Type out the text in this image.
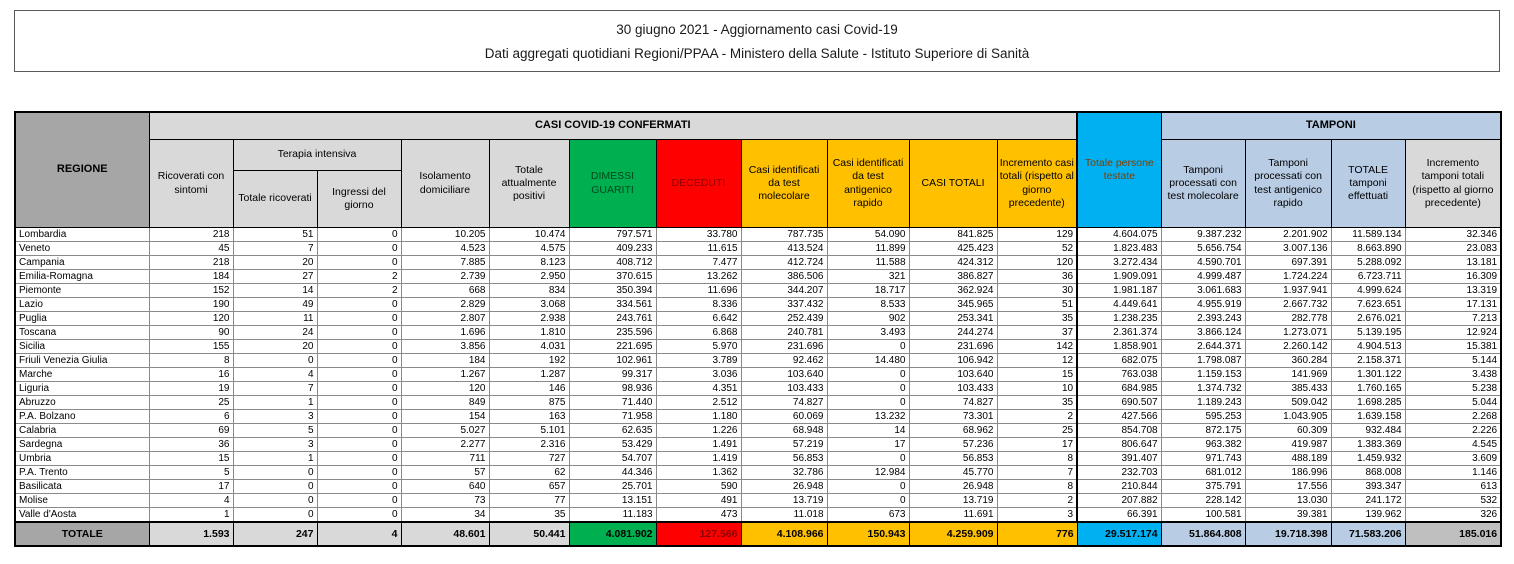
30 giugno 2021 - Aggiornamento casi Covid-19
Dati aggregati quotidiani Regioni/PPAA - Ministero della Salute - Istituto Superiore di Sanità
REGIONE	CASI COVID-19 CONFERMATI											Totale persone testate	TAMPONI			
	Ricoverati con sintomi	Terapia intensiva		Isolamento domiciliare	Totale attualmente positivi	DIMESSI GUARITI	DECEDUTI	Casi identificati da test molecolare	Casi identificati da test antigenico rapido	CASI TOTALI	Incremento casi totali (rispetto al giorno precedente)		Tamponi processati con test molecolare	Tamponi processati con test antigenico rapido	TOTALE tamponi effettuati	Incremento tamponi totali (rispetto al giorno precedente)
		Totale ricoverati	Ingressi del giorno													
Lombardia	218	51	0	10.205	10.474	797.571	33.780	787.735	54.090	841.825	129	4.604.075	9.387.232	2.201.902	11.589.134	32.346
Veneto	45	7	0	4.523	4.575	409.233	11.615	413.524	11.899	425.423	52	1.823.483	5.656.754	3.007.136	8.663.890	23.083
Campania	218	20	0	7.885	8.123	408.712	7.477	412.724	11.588	424.312	120	3.272.434	4.590.701	697.391	5.288.092	13.181
Emilia-Romagna	184	27	2	2.739	2.950	370.615	13.262	386.506	321	386.827	36	1.909.091	4.999.487	1.724.224	6.723.711	16.309
Piemonte	152	14	2	668	834	350.394	11.696	344.207	18.717	362.924	30	1.981.187	3.061.683	1.937.941	4.999.624	13.319
Lazio	190	49	0	2.829	3.068	334.561	8.336	337.432	8.533	345.965	51	4.449.641	4.955.919	2.667.732	7.623.651	17.131
Puglia	120	11	0	2.807	2.938	243.761	6.642	252.439	902	253.341	35	1.238.235	2.393.243	282.778	2.676.021	7.213
Toscana	90	24	0	1.696	1.810	235.596	6.868	240.781	3.493	244.274	37	2.361.374	3.866.124	1.273.071	5.139.195	12.924
Sicilia	155	20	0	3.856	4.031	221.695	5.970	231.696	0	231.696	142	1.858.901	2.644.371	2.260.142	4.904.513	15.381
Friuli Venezia Giulia	8	0	0	184	192	102.961	3.789	92.462	14.480	106.942	12	682.075	1.798.087	360.284	2.158.371	5.144
Marche	16	4	0	1.267	1.287	99.317	3.036	103.640	0	103.640	15	763.038	1.159.153	141.969	1.301.122	3.438
Liguria	19	7	0	120	146	98.936	4.351	103.433	0	103.433	10	684.985	1.374.732	385.433	1.760.165	5.238
Abruzzo	25	1	0	849	875	71.440	2.512	74.827	0	74.827	35	690.507	1.189.243	509.042	1.698.285	5.044
P.A. Bolzano	6	3	0	154	163	71.958	1.180	60.069	13.232	73.301	2	427.566	595.253	1.043.905	1.639.158	2.268
Calabria	69	5	0	5.027	5.101	62.635	1.226	68.948	14	68.962	25	854.708	872.175	60.309	932.484	2.226
Sardegna	36	3	0	2.277	2.316	53.429	1.491	57.219	17	57.236	17	806.647	963.382	419.987	1.383.369	4.545
Umbria	15	1	0	711	727	54.707	1.419	56.853	0	56.853	8	391.407	971.743	488.189	1.459.932	3.609
P.A. Trento	5	0	0	57	62	44.346	1.362	32.786	12.984	45.770	7	232.703	681.012	186.996	868.008	1.146
Basilicata	17	0	0	640	657	25.701	590	26.948	0	26.948	8	210.844	375.791	17.556	393.347	613
Molise	4	0	0	73	77	13.151	491	13.719	0	13.719	2	207.882	228.142	13.030	241.172	532
Valle d'Aosta	1	0	0	34	35	11.183	473	11.018	673	11.691	3	66.391	100.581	39.381	139.962	326
TOTALE	1.593	247	4	48.601	50.441	4.081.902	127.566	4.108.966	150.943	4.259.909	776	29.517.174	51.864.808	19.718.398	71.583.206	185.016
